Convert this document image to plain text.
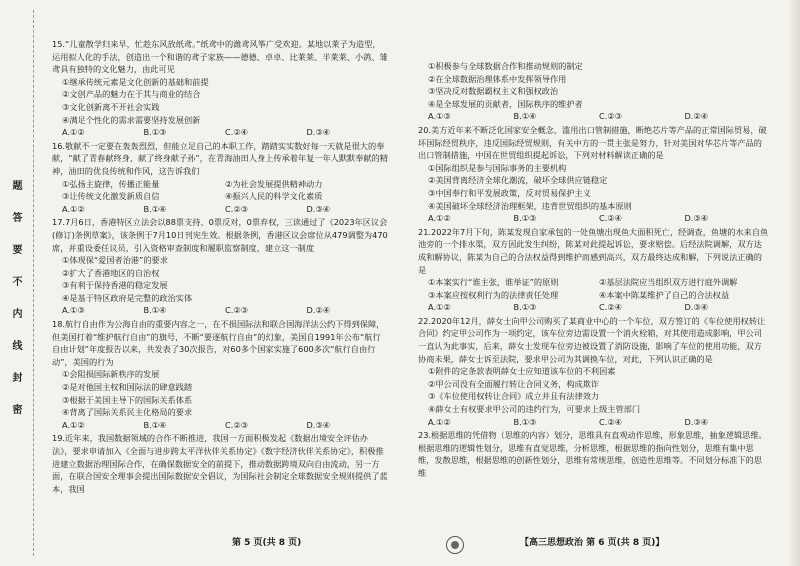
题
答
要
不
内
线
封
密
15.“儿童散学归来早，忙趁东风放纸鸢。”纸鸢中的潍鸢风筝广受欢迎。某地以莱子为造型，运用拟人化的手法，创造出一个和谐的鸢子家族——德德、卓卓、比莱莱、半莱莱、小鸽、雏鸢具有独特的文化魅力，由此可见
①继承传统元素是文化创新的基础和前提
②文创产品的魅力在于其与商业的结合
③文化创新离不开社会实践
④满足个性化的需求需要坚持发展创新
A.①②	B.①③	C.②④	D.③④
16.敬献不一定要在轰轰烈烈，但能立足自己的本职工作，踏踏实实数好每一天就是很大的奉献，“献了青春献终身，献了终身献子孙”，在青海油田人身上传承着年复一年人默默奉献的精神，油田的优良传统和作风，这告诉我们
①弘扬主旋律，传播正能量	②为社会发展提供精神动力
③让传统文化激发新质自信	④振兴人民的科学文化素质
A.①②	B.①④	C.②③	D.③④
17.7月6日，香港特区立法会以88票支持、0票反对，0票弃权，三读通过了《2023年区议会(修订)条例草案》，该条例于7月10日刊宪生效。根据条例，香港区议会席位从479调整为470席，并重设委任议员，引入资格审查制度和履职监察制度，建立这一制度
①体现保“爱国者治港”的要求
②扩大了香港地区的自治权
③有利于保持香港的稳定发展
④是基于特区政府是完整的政治实体
A.①③	B.①④	C.②③	D.②④
18.航行自由作为公海自由的重要内容之一，在不损国际法和联合国海洋法公约下得到保障，但美国打着“维护航行自由”的旗号，不断“要逐航行自由”的幻象，美国自1991年公布“航行自由计划”年度报告以来，共发表了30次报告，对60多个国家实施了600多次“航行自由行动”，美国的行为
①会阻损国际新秩序的发展
②是对他国主权和国际法的肆意践踏
③根据于美国主导下的国际关系体系
④背离了国际关系民主化格局的要求
A.①②	B.①④	C.②③	D.③④
19.近年来，我国数据领域的合作不断推进，我国一方面积极发起《数据出境安全评估办法》，要求申请加入《全面与进步跨太平洋伙伴关系协定》《数字经济伙伴关系协定》，积极推进建立数据治理国际合作，在确保数据安全的前提下，推动数据跨境双向自由流动，另一方面，在联合国安全理事会提出国际数据安全倡议，为国际社会制定全球数据安全规则提供了蓝本，我国
①积极参与全球数据合作和推动规则的制定
②在全球数据治理体系中发挥领导作用
③坚决反对数据霸权主义和强权政治
④是全球发展的贡献者，国际秩序的维护者
A.①③	B.①④	C.②③	D.②④
20.美方近年来不断泛化国家安全概念，滥用出口管制措施，断绝芯片等产品的正常国际贸易，破坏国际经贸秩序，违反国际经贸规则，有关中方的一贯主张是努力，针对美国对华芯片等产品的出口管制措施，中国在世贸组织提起诉讼，下列对材料解读正确的是
①国际组织是参与国际事务的主要机构
②美国背离经济全球化潮流，破坏全球供应链稳定
③中国奉行和平发展政策，反对贸易保护主义
④美国破坏全球经济治理框架，违背世贸组织的基本原则
A.①②	B.①③	C.②④	D.③④
21.2022年7月下旬，陈某发现自家承包的一处鱼塘出现鱼大面积死亡，经调查，鱼塘的水来自鱼池旁的一个排水渠，双方因此发生纠纷，陈某对此提起诉讼，要求赔偿。后经法院调解，双方达成和解协议，陈某为自己的合法权益得到维护而感到高兴，双方最终达成和解，下列说法正确的是
①本案实行“谁主张，谁举证”的原则	②基层法院应当组织双方进行庭外调解
③本案应按权利行为的法律责任处理	④本案中陈某维护了自己的合法权益
A.①②	B.①③	C.②④	D.③④
22.2020年12月，薛女士向甲公司购买了某商业中心的一个车位，双方签订的《车位使用权转让合同》约定甲公司作为一项约定，该车位旁边需设置一个消火栓箱，对其使用造成影响，甲公司一直认为此事实，后来，薛女士发现车位旁边被设置了消防设施，影响了车位的使用功能，双方协商未果，薛女士诉至法院，要求甲公司为其调换车位，对此，下列认识正确的是
①附件的定条款表明薛女士应知道该车位的不利因素
②甲公司没有全面履行转让合同义务，构成欺诈
③《车位使用权转让合同》成立并且有法律效力
④薛女士有权要求甲公司的违约行为，可要求上级主管部门
A.①②	B.①③	C.②④	D.③④
23.根据思维的凭借物（思维的内容）划分，思维具有直观动作思维，形象思维，抽象逻辑思维。根据思维的逻辑性划分，思维有直觉思维，分析思维，根据思维的指向性划分，思维有集中思维，发散思维，根据思维的创新性划分，思维有常规思维，创造性思维等。不同划分标准下的思维
第 5 页(共 8 页)	【高三思想政治 第 6 页(共 8 页)】
